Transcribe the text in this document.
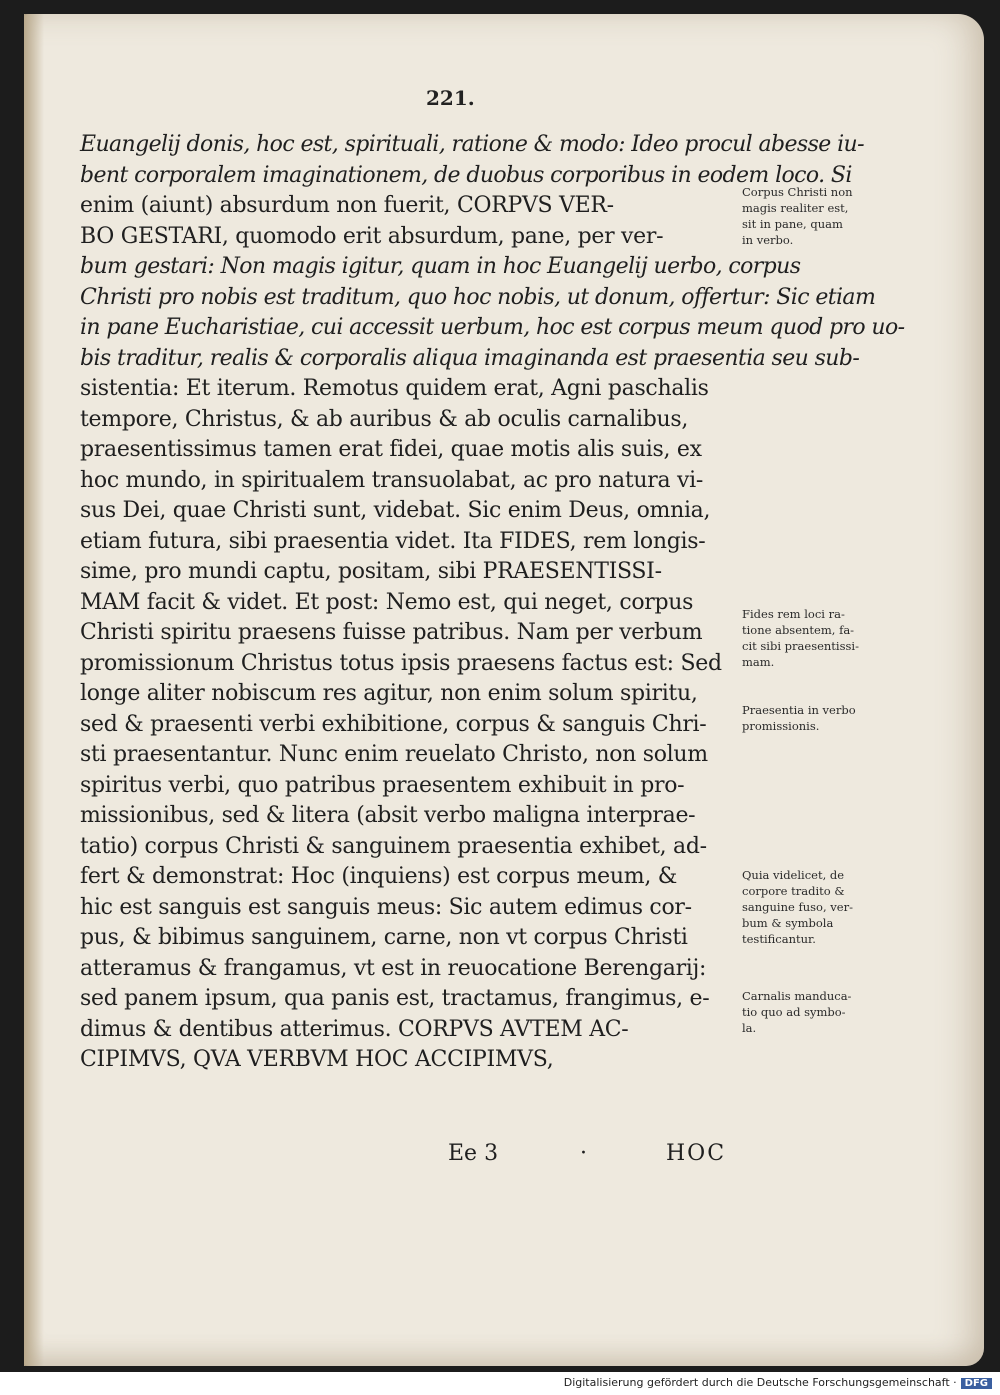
221.
Euangelij donis, hoc est, spirituali, ratione & modo: Ideo procul abesse iu-
bent corporalem imaginationem, de duobus corporibus in eodem loco. Si
enim (aiunt) absurdum non fuerit, CORPVS VER-
BO GESTARI, quomodo erit absurdum, pane, per ver-
bum gestari: Non magis igitur, quam in hoc Euangelij uerbo, corpus
Christi pro nobis est traditum, quo hoc nobis, ut donum, offertur: Sic etiam
in pane Eucharistiae, cui accessit uerbum, hoc est corpus meum quod pro uo-
bis traditur, realis & corporalis aliqua imaginanda est praesentia seu sub-
sistentia: Et iterum. Remotus quidem erat, Agni paschalis
tempore, Christus, & ab auribus & ab oculis carnalibus,
praesentissimus tamen erat fidei, quae motis alis suis, ex
hoc mundo, in spiritualem transuolabat, ac pro natura vi-
sus Dei, quae Christi sunt, videbat. Sic enim Deus, omnia,
etiam futura, sibi praesentia videt. Ita FIDES, rem longis-
sime, pro mundi captu, positam, sibi PRAESENTISSI-
MAM facit & videt. Et post: Nemo est, qui neget, corpus
Christi spiritu praesens fuisse patribus. Nam per verbum
promissionum Christus totus ipsis praesens factus est: Sed
longe aliter nobiscum res agitur, non enim solum spiritu,
sed & praesenti verbi exhibitione, corpus & sanguis Chri-
sti praesentantur. Nunc enim reuelato Christo, non solum
spiritus verbi, quo patribus praesentem exhibuit in pro-
missionibus, sed & litera (absit verbo maligna interprae-
tatio) corpus Christi & sanguinem praesentia exhibet, ad-
fert & demonstrat: Hoc (inquiens) est corpus meum, &
hic est sanguis est sanguis meus: Sic autem edimus cor-
pus, & bibimus sanguinem, carne, non vt corpus Christi
atteramus & frangamus, vt est in reuocatione Berengarij:
sed panem ipsum, qua panis est, tractamus, frangimus, e-
dimus & dentibus atterimus. CORPVS AVTEM AC-
CIPIMVS, QVA VERBVM HOC ACCIPIMVS,
Ee 3	·	HOC
Corpus Christi non
magis realiter est,
sit in pane, quam
in verbo.
Fides rem loci ra-
tione absentem, fa-
cit sibi praesentissi-
mam.
Praesentia in verbo
promissionis.
Quia videlicet, de
corpore tradito &
sanguine fuso, ver-
bum & symbola
testificantur.
Carnalis manduca-
tio quo ad symbo-
la.
Digitalisierung gefördert durch die Deutsche Forschungsgemeinschaft · DFG
